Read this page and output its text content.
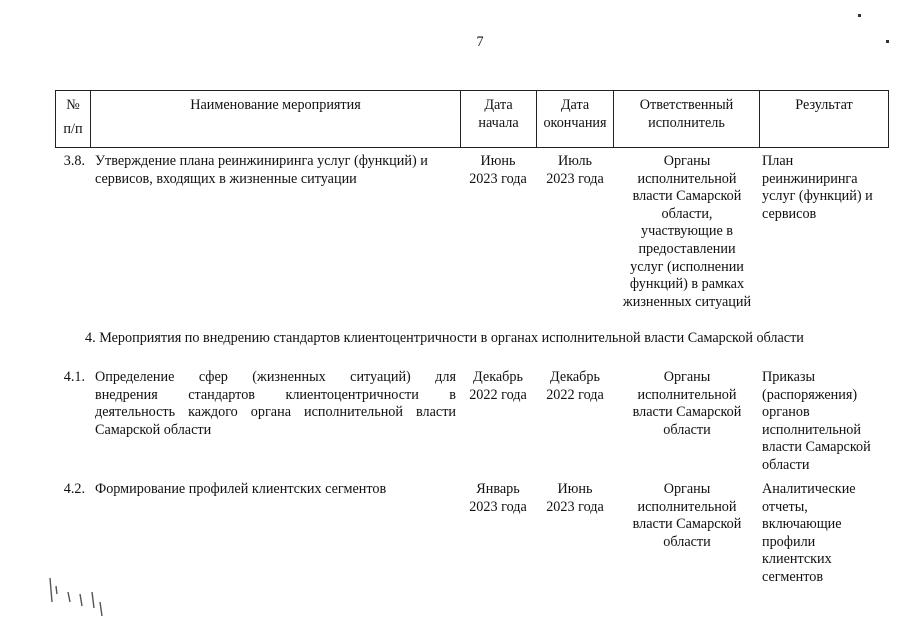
7
№
п/п
Наименование мероприятия	Дата
начала
Дата
окончания
Ответственный
исполнитель
Результат
3.8. Утверждение плана реинжиниринга услуг (функций) и
сервисов, входящих в жизненные ситуации
Июнь
2023 года
Июль
2023 года
Органы
исполнительной
власти Самарской
области,
участвующие в
предоставлении
услуг (исполнении
функций) в рамках
жизненных ситуаций
План
реинжиниринга
услуг (функций) и
сервисов
4. Мероприятия по внедрению стандартов клиентоцентричности в органах исполнительной власти Самарской области
4.1. Определение сфер (жизненных ситуаций) для
внедрения стандартов клиентоцентричности в
деятельность каждого органа исполнительной власти
Самарской области
Декабрь
2022 года
Декабрь
2022 года
Органы
исполнительной
власти Самарской
области
Приказы
(распоряжения)
органов
исполнительной
власти Самарской
области
4.2. Формирование профилей клиентских сегментов	Январь
2023 года
Июнь
2023 года
Органы
исполнительной
власти Самарской
области
Аналитические
отчеты,
включающие
профили
клиентских
сегментов
